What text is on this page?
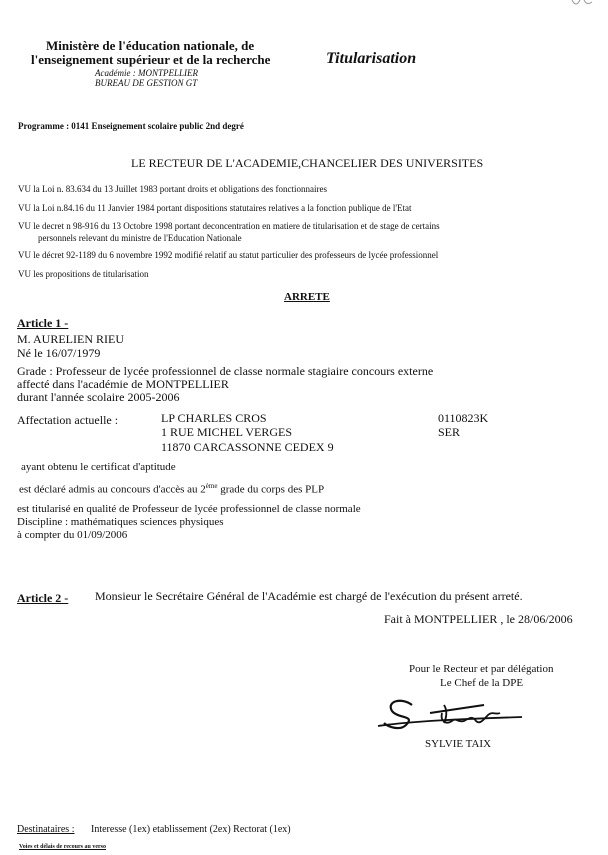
Ministère de l'éducation nationale, de
l'enseignement supérieur et de la recherche
Académie : MONTPELLIER
BUREAU DE GESTION GT
Titularisation
Programme : 0141 Enseignement scolaire public 2nd degré
LE RECTEUR DE L'ACADEMIE,CHANCELIER DES UNIVERSITES
VU la Loi n. 83.634 du 13 Juillet 1983 portant droits et obligations des fonctionnaires
VU la Loi n.84.16 du 11 Janvier 1984 portant dispositions statutaires relatives a la fonction publique de l'Etat
VU le decret n 98-916 du 13 Octobre 1998 portant deconcentration en matiere de titularisation et de stage de certains
personnels relevant du ministre de l'Education Nationale
VU le décret 92-1189 du 6 novembre 1992 modifié relatif au statut particulier des professeurs de lycée professionnel
VU les propositions de titularisation
ARRETE
Article 1 -
M. AURELIEN RIEU
Né le 16/07/1979
Grade : Professeur de lycée professionnel de classe normale stagiaire concours externe
affecté dans l'académie de MONTPELLIER
durant l'année scolaire 2005-2006
Affectation actuelle :	LP CHARLES CROS
1 RUE MICHEL VERGES
11870 CARCASSONNE CEDEX 9
0110823K
SER
ayant obtenu le certificat d'aptitude
est déclaré admis au concours d'accès au 2ème grade du corps des PLP
est titularisé en qualité de Professeur de lycée professionnel de classe normale
Discipline : mathématiques sciences physiques
à compter du 01/09/2006
Article 2 - Monsieur le Secrétaire Général de l'Académie est chargé de l'exécution du présent arreté.
Fait à MONTPELLIER , le 28/06/2006
Pour le Recteur et par délégation
Le Chef de la DPE
SYLVIE TAIX
Destinataires : Interesse (1ex) etablissement (2ex) Rectorat (1ex)
Voies et délais de recours au verso
